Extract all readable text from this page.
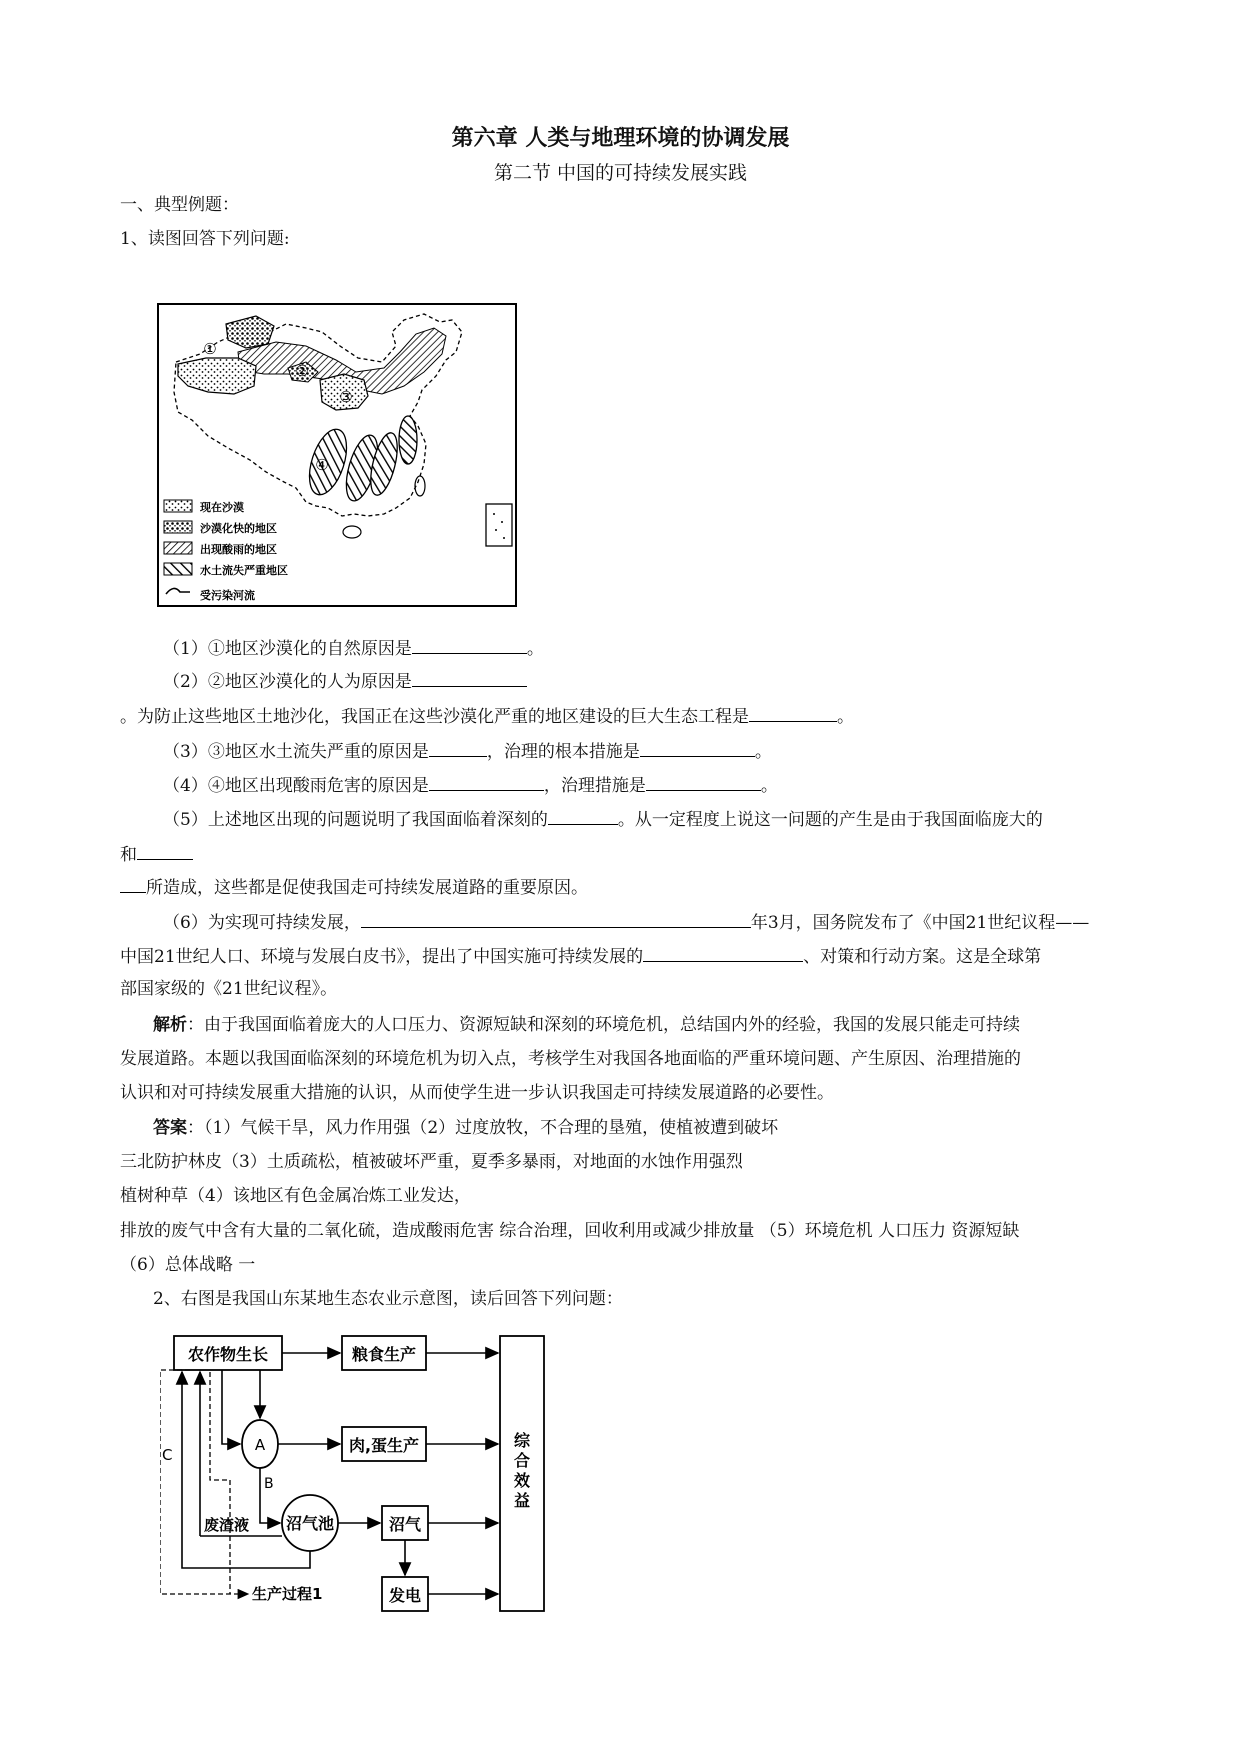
第六章 人类与地理环境的协调发展
第二节 中国的可持续发展实践
一、典型例题：
1、读图回答下列问题:
①
②
③
④
现在沙漠
沙漠化快的地区
出现酸雨的地区
水土流失严重地区
受污染河流
（1）①地区沙漠化的自然原因是	。
（2）②地区沙漠化的人为原因是
。为防止这些地区土地沙化，我国正在这些沙漠化严重的地区建设的巨大生态工程是	。
（3）③地区水土流失严重的原因是	，治理的根本措施是	。
（4）④地区出现酸雨危害的原因是	，治理措施是	。
（5）上述地区出现的问题说明了我国面临着深刻的	。从一定程度上说这一问题的产生是由于我国面临庞大的
和
所造成，这些都是促使我国走可持续发展道路的重要原因。
（6）为实现可持续发展，	年3月，国务院发布了《中国21世纪议程——
中国21世纪人口、环境与发展白皮书》，提出了中国实施可持续发展的	、对策和行动方案。这是全球第
部国家级的《21世纪议程》。
解析：由于我国面临着庞大的人口压力、资源短缺和深刻的环境危机，总结国内外的经验，我国的发展只能走可持续
发展道路。本题以我国面临深刻的环境危机为切入点，考核学生对我国各地面临的严重环境问题、产生原因、治理措施的
认识和对可持续发展重大措施的认识，从而使学生进一步认识我国走可持续发展道路的必要性。
答案：（1）气候干旱，风力作用强（2）过度放牧，不合理的垦殖，使植被遭到破坏
三北防护林皮（3）土质疏松，植被破坏严重，夏季多暴雨，对地面的水蚀作用强烈
植树种草（4）该地区有色金属冶炼工业发达，
排放的废气中含有大量的二氧化硫，造成酸雨危害 综合治理，回收利用或减少排放量 （5）环境危机 人口压力 资源短缺
（6）总体战略 一
2、右图是我国山东某地生态农业示意图，读后回答下列问题：
农作物生长	粮食生产
肉,蛋生产
沼气
发电
综
合
效
益
A
沼气池
B
废渣液
C
生产过程1
